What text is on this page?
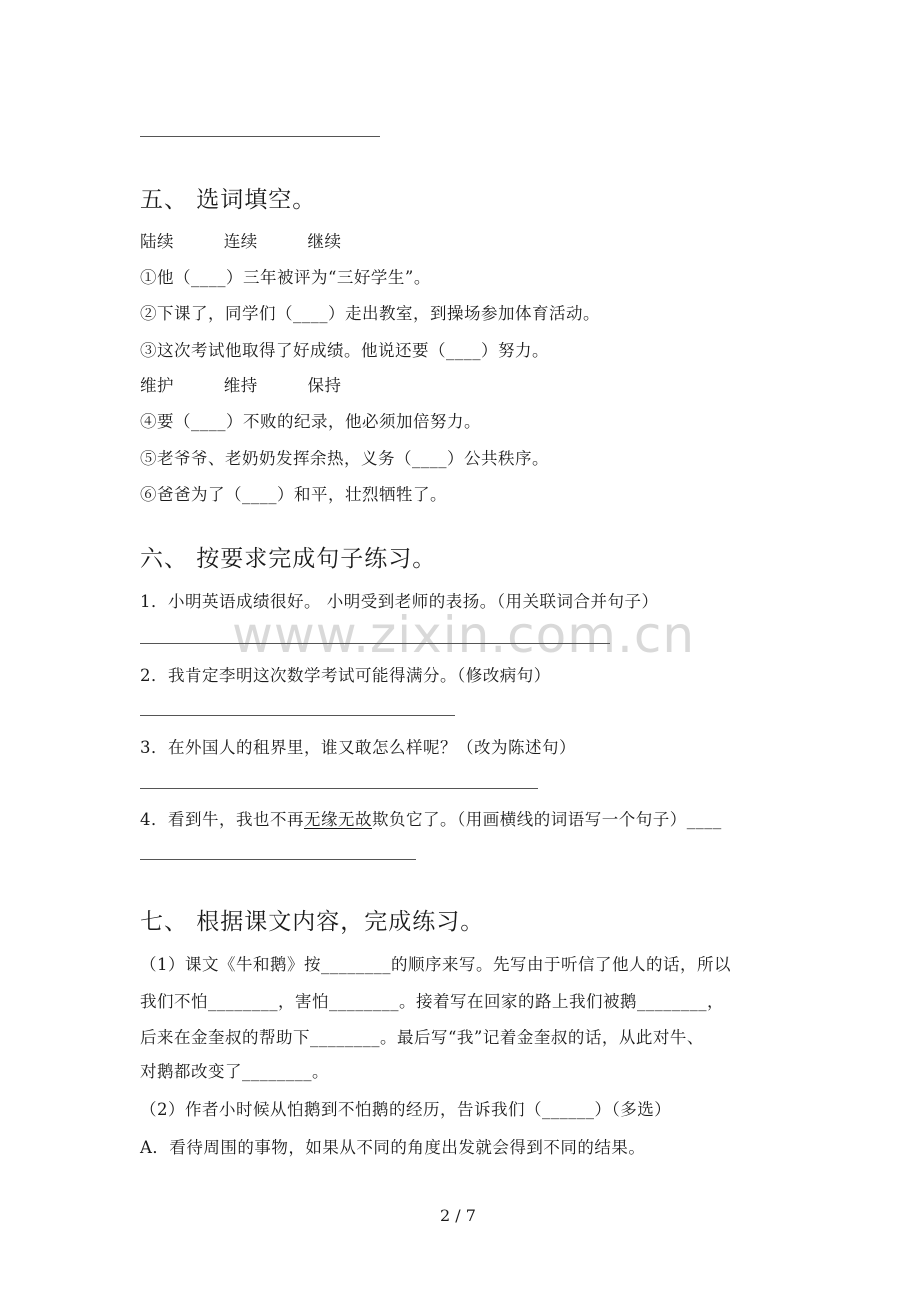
www.zixin.com.cn
五、 选词填空。
陆续	连续	继续
①他（____）三年被评为“三好学生”。
②下课了，同学们（____）走出教室，到操场参加体育活动。
③这次考试他取得了好成绩。他说还要（____）努力。
维护	维持	保持
④要（____）不败的纪录，他必须加倍努力。
⑤老爷爷、老奶奶发挥余热，义务（____）公共秩序。
⑥爸爸为了（____）和平，壮烈牺牲了。
六、 按要求完成句子练习。
1．小明英语成绩很好。 小明受到老师的表扬。（用关联词合并句子）
2．我肯定李明这次数学考试可能得满分。（修改病句）
3．在外国人的租界里，谁又敢怎么样呢？（改为陈述句）
4．看到牛，我也不再无缘无故欺负它了。（用画横线的词语写一个句子）____
七、 根据课文内容，完成练习。
（1）课文《牛和鹅》按________的顺序来写。先写由于听信了他人的话，所以
我们不怕________，害怕________。接着写在回家的路上我们被鹅________，
后来在金奎叔的帮助下________。最后写“我”记着金奎叔的话，从此对牛、
对鹅都改变了________。
（2）作者小时候从怕鹅到不怕鹅的经历，告诉我们（______）（多选）
A．看待周围的事物，如果从不同的角度出发就会得到不同的结果。
2 / 7
